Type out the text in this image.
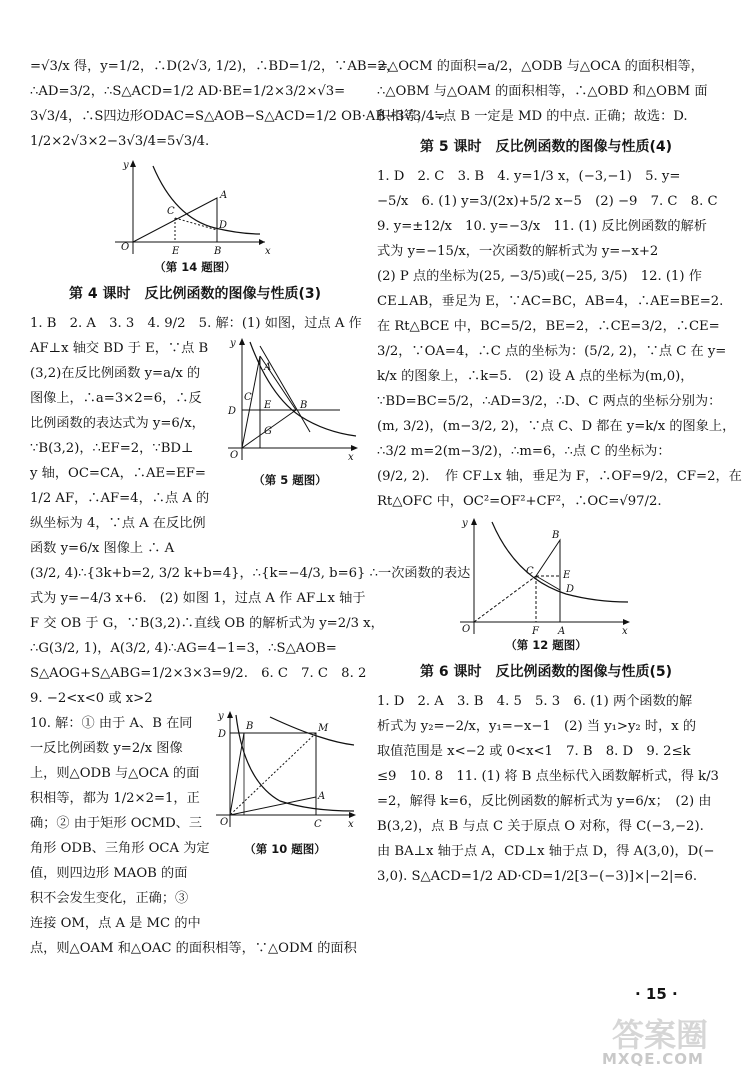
=√3/x 得，y=1/2，∴D(2√3, 1/2)，∴BD=1/2，∵AB=2，
∴AD=3/2，∴S△ACD=1/2 AD·BE=1/2×3/2×√3=
3√3/4，∴S四边形ODAC=S△AOB−S△ACD=1/2 OB·AB−3√3/4=
1/2×2√3×2−3√3/4=5√3/4.
y
x
O
A
C
D
E	B
（第 14 题图）
第 4 课时　反比例函数的图像与性质(3)
1. B　2. A　3. 3　4. 9/2　5. 解：(1) 如图，过点 A 作
y
x
O
A
B
C
D
E
G
（第 5 题图）
AF⊥x 轴交 BD 于 E，∵点 B
(3,2)在反比例函数 y=a/x 的
图像上，∴a=3×2=6，∴反
比例函数的表达式为 y=6/x，
∵B(3,2)，∴EF=2，∵BD⊥
y 轴，OC=CA，∴AE=EF=
1/2 AF，∴AF=4，∴点 A 的
纵坐标为 4，∵点 A 在反比例
函数 y=6/x 图像上 ∴ A
(3/2, 4)∴{3k+b=2, 3/2 k+b=4}，∴{k=−4/3, b=6} ∴一次函数的表达
式为 y=−4/3 x+6.　(2) 如图 1，过点 A 作 AF⊥x 轴于
F 交 OB 于 G，∵B(3,2)∴直线 OB 的解析式为 y=2/3 x，
∴G(3/2, 1)，A(3/2, 4)∴AG=4−1=3，∴S△AOB=
S△AOG+S△ABG=1/2×3×3=9/2.　6. C　7. C　8. 2
9. −2<x<0 或 x>2
y
x
O
D
B	M
A
C
（第 10 题图）
10. 解：① 由于 A、B 在同
一反比例函数 y=2/x 图像
上，则△ODB 与△OCA 的面
积相等，都为 1/2×2=1，正
确；② 由于矩形 OCMD、三
角形 ODB、三角形 OCA 为定
值，则四边形 MAOB 的面
积不会发生变化，正确；③
连接 OM，点 A 是 MC 的中
点，则△OAM 和△OAC 的面积相等，∵△ODM 的面积
=△OCM 的面积=a/2，△ODB 与△OCA 的面积相等，
∴△OBM 与△OAM 的面积相等，∴△OBD 和△OBM 面
积相等，∴点 B 一定是 MD 的中点. 正确；故选：D.
第 5 课时　反比例函数的图像与性质(4)
1. D　2. C　3. B　4. y=1/3 x，(−3,−1)　5. y=
−5/x　6. (1) y=3/(2x)+5/2 x−5　(2) −9　7. C　8. C
9. y=±12/x　10. y=−3/x　11. (1) 反比例函数的解析
式为 y=−15/x，一次函数的解析式为 y=−x+2
(2) P 点的坐标为(25, −3/5)或(−25, 3/5)　12. (1) 作
CE⊥AB，垂足为 E，∵AC=BC，AB=4，∴AE=BE=2.
在 Rt△BCE 中，BC=5/2，BE=2，∴CE=3/2，∴CE=
3/2，∵OA=4，∴C 点的坐标为：(5/2, 2)，∵点 C 在 y=
k/x 的图象上，∴k=5.　(2) 设 A 点的坐标为(m,0)，
∵BD=BC=5/2，∴AD=3/2，∴D、C 两点的坐标分别为：
(m, 3/2)，(m−3/2, 2)，∵点 C、D 都在 y=k/x 的图象上，
∴3/2 m=2(m−3/2)，∴m=6，∴点 C 的坐标为：
(9/2, 2)．　作 CF⊥x 轴，垂足为 F，∴OF=9/2，CF=2，在
Rt△OFC 中，OC²=OF²+CF²，∴OC=√97/2.
y
x
O
B
C	E
D
F A
（第 12 题图）
第 6 课时　反比例函数的图像与性质(5)
1. D　2. A　3. B　4. 5　5. 3　6. (1) 两个函数的解
析式为 y₂=−2/x，y₁=−x−1　(2) 当 y₁>y₂ 时，x 的
取值范围是 x<−2 或 0<x<1　7. B　8. D　9. 2≤k
≤9　10. 8　11. (1) 将 B 点坐标代入函数解析式，得 k/3
=2，解得 k=6，反比例函数的解析式为 y=6/x；　(2) 由
B(3,2)，点 B 与点 C 关于原点 O 对称，得 C(−3,−2).
由 BA⊥x 轴于点 A，CD⊥x 轴于点 D，得 A(3,0)，D(−
3,0). S△ACD=1/2 AD·CD=1/2[3−(−3)]×|−2|=6.
· 15 ·
答案圈
MXQE.COM
